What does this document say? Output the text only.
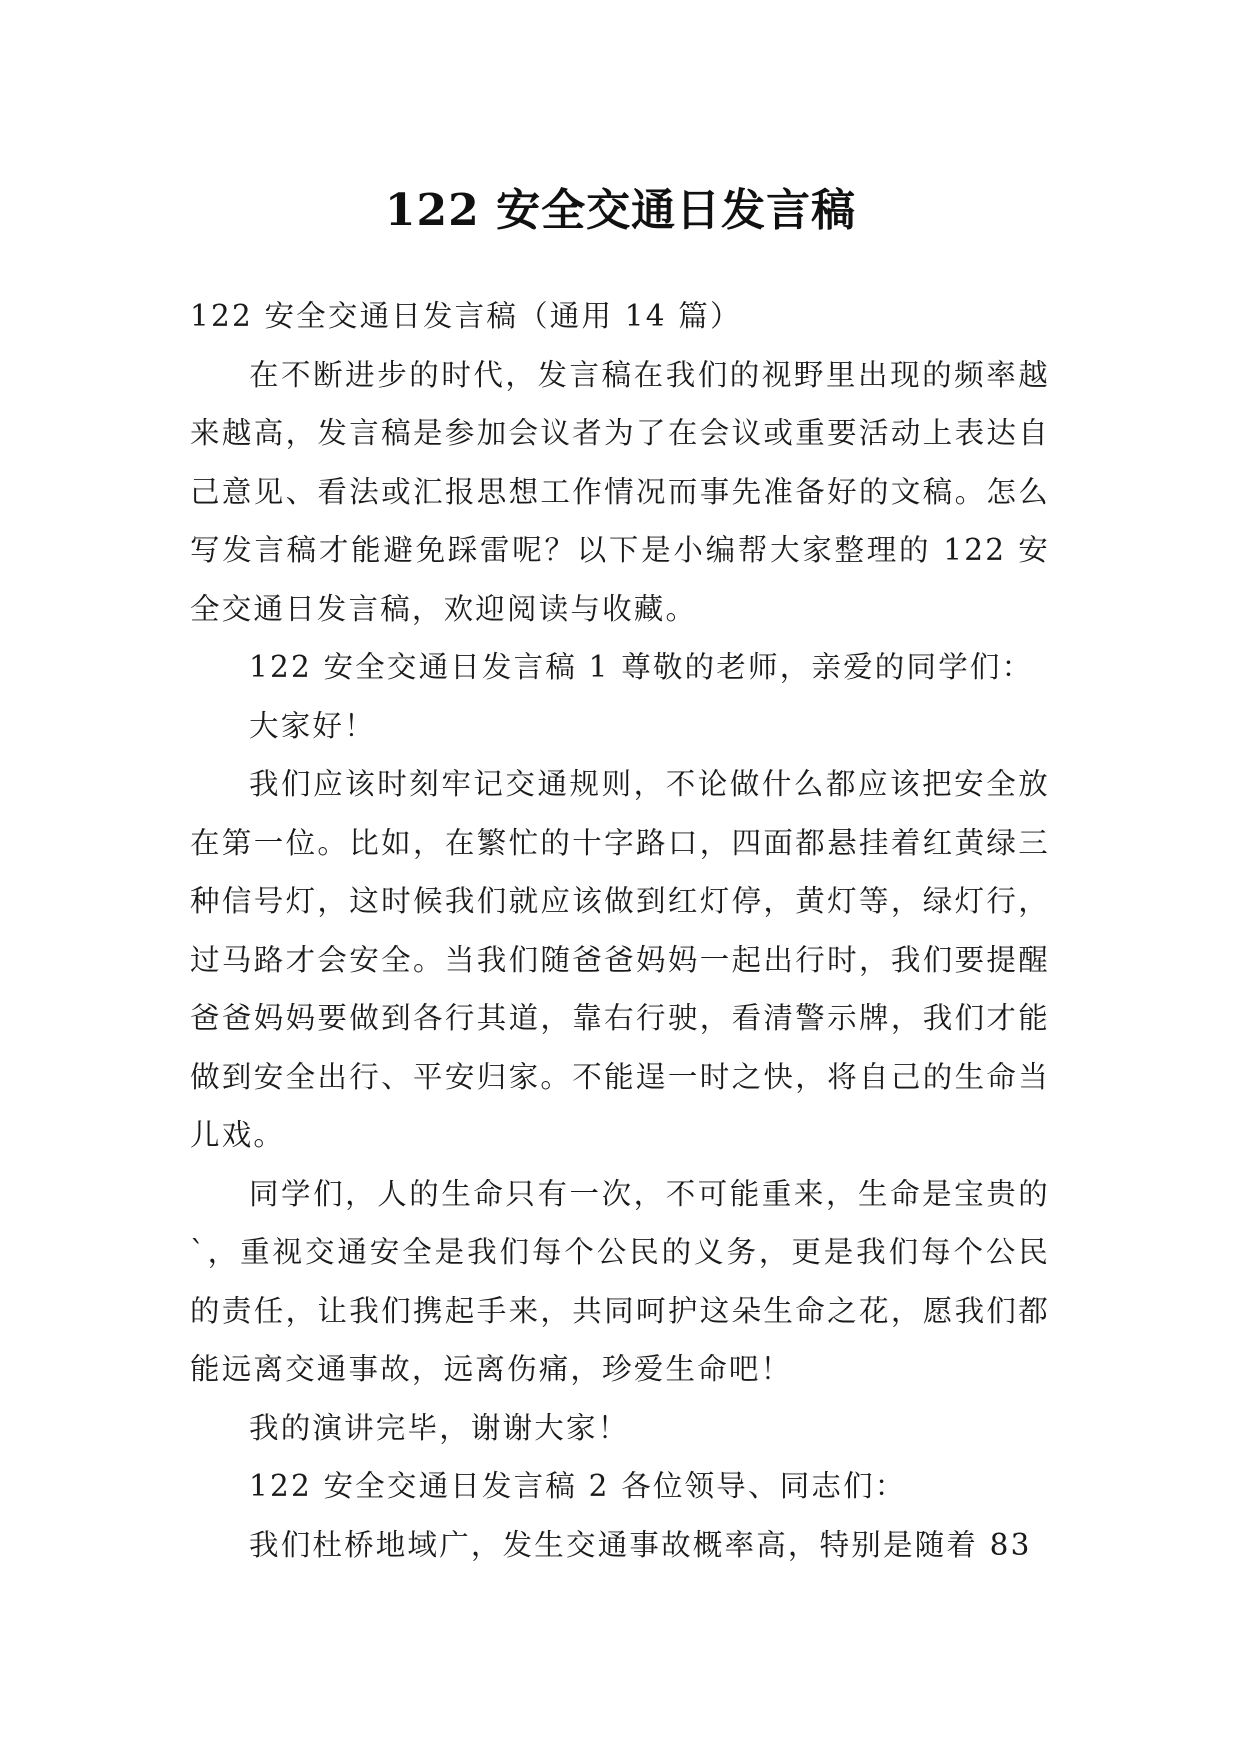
122 安全交通日发言稿

122 安全交通日发言稿（通用 14 篇）

在不断进步的时代，发言稿在我们的视野里出现的频率越来越高，发言稿是参加会议者为了在会议或重要活动上表达自己意见、看法或汇报思想工作情况而事先准备好的文稿。怎么写发言稿才能避免踩雷呢？以下是小编帮大家整理的 122 安全交通日发言稿，欢迎阅读与收藏。

122 安全交通日发言稿 1 尊敬的老师，亲爱的同学们：

大家好！

我们应该时刻牢记交通规则，不论做什么都应该把安全放在第一位。比如，在繁忙的十字路口，四面都悬挂着红黄绿三种信号灯，这时候我们就应该做到红灯停，黄灯等，绿灯行，过马路才会安全。当我们随爸爸妈妈一起出行时，我们要提醒爸爸妈妈要做到各行其道，靠右行驶，看清警示牌，我们才能做到安全出行、平安归家。不能逞一时之快，将自己的生命当儿戏。

同学们，人的生命只有一次，不可能重来，生命是宝贵的`，重视交通安全是我们每个公民的义务，更是我们每个公民的责任，让我们携起手来，共同呵护这朵生命之花，愿我们都能远离交通事故，远离伤痛，珍爱生命吧！

我的演讲完毕，谢谢大家！

122 安全交通日发言稿 2 各位领导、同志们：

我们杜桥地域广，发生交通事故概率高，特别是随着 83
